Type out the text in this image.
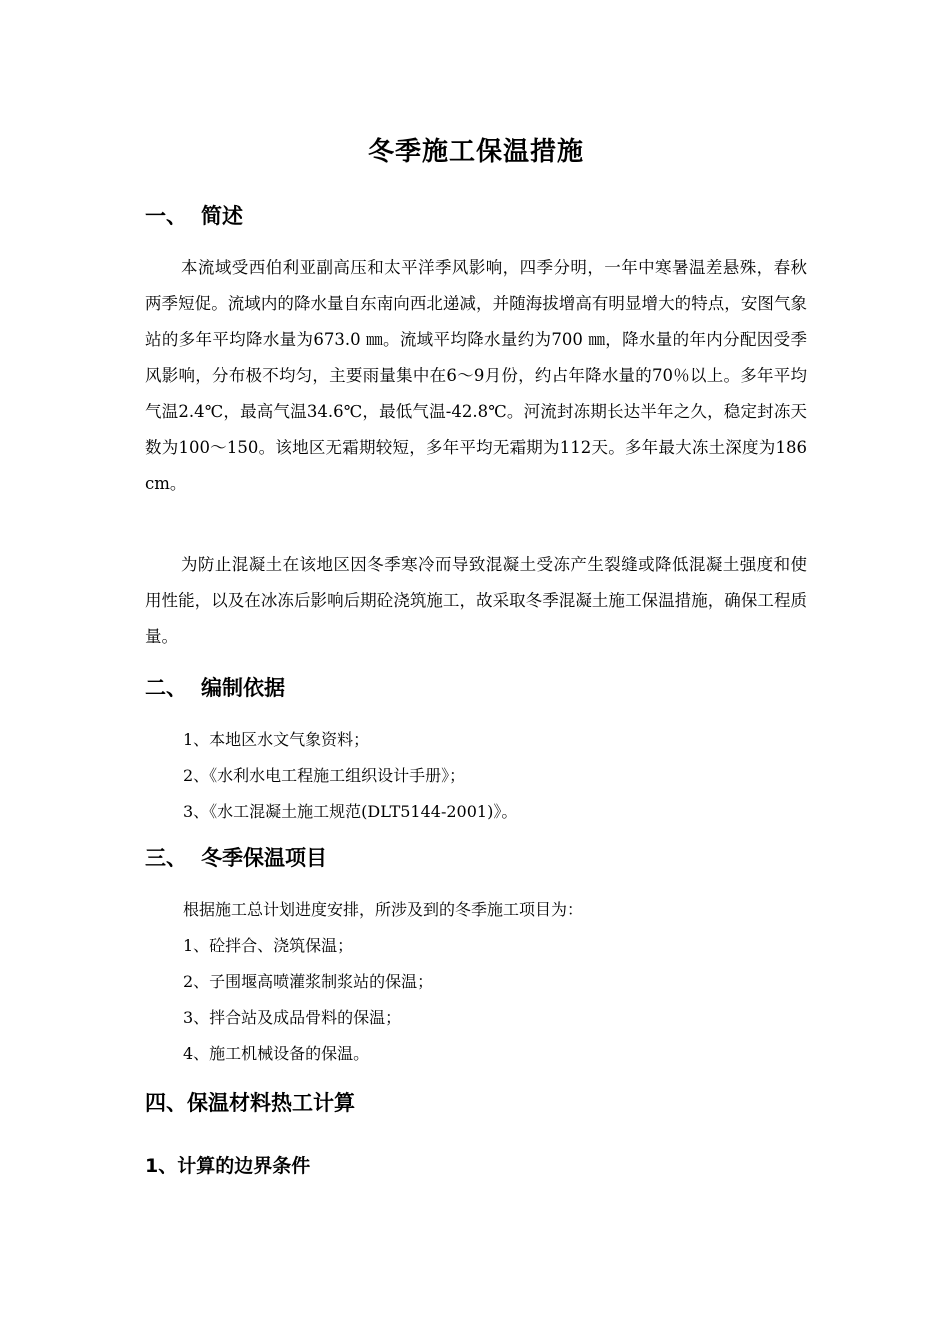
冬季施工保温措施
一、 简述

本流域受西伯利亚副高压和太平洋季风影响，四季分明，一年中寒暑温差悬殊，春秋两季短促。流域内的降水量自东南向西北递减，并随海拔增高有明显增大的特点，安图气象站的多年平均降水量为673.0 ㎜。流域平均降水量约为700 ㎜，降水量的年内分配因受季风影响，分布极不均匀，主要雨量集中在6～9月份，约占年降水量的70％以上。多年平均气温2.4℃，最高气温34.6℃，最低气温-42.8℃。河流封冻期长达半年之久，稳定封冻天数为100～150。该地区无霜期较短，多年平均无霜期为112天。多年最大冻土深度为186 cm。

为防止混凝土在该地区因冬季寒冷而导致混凝土受冻产生裂缝或降低混凝土强度和使用性能，以及在冰冻后影响后期砼浇筑施工，故采取冬季混凝土施工保温措施，确保工程质量。

二、 编制依据
1、本地区水文气象资料；
2、《水利水电工程施工组织设计手册》；
3、《水工混凝土施工规范(DLT5144-2001)》。
三、 冬季保温项目
根据施工总计划进度安排，所涉及到的冬季施工项目为：
1、砼拌合、浇筑保温；
2、子围堰高喷灌浆制浆站的保温；
3、拌合站及成品骨料的保温；
4、施工机械设备的保温。
四、保温材料热工计算
1、计算的边界条件
